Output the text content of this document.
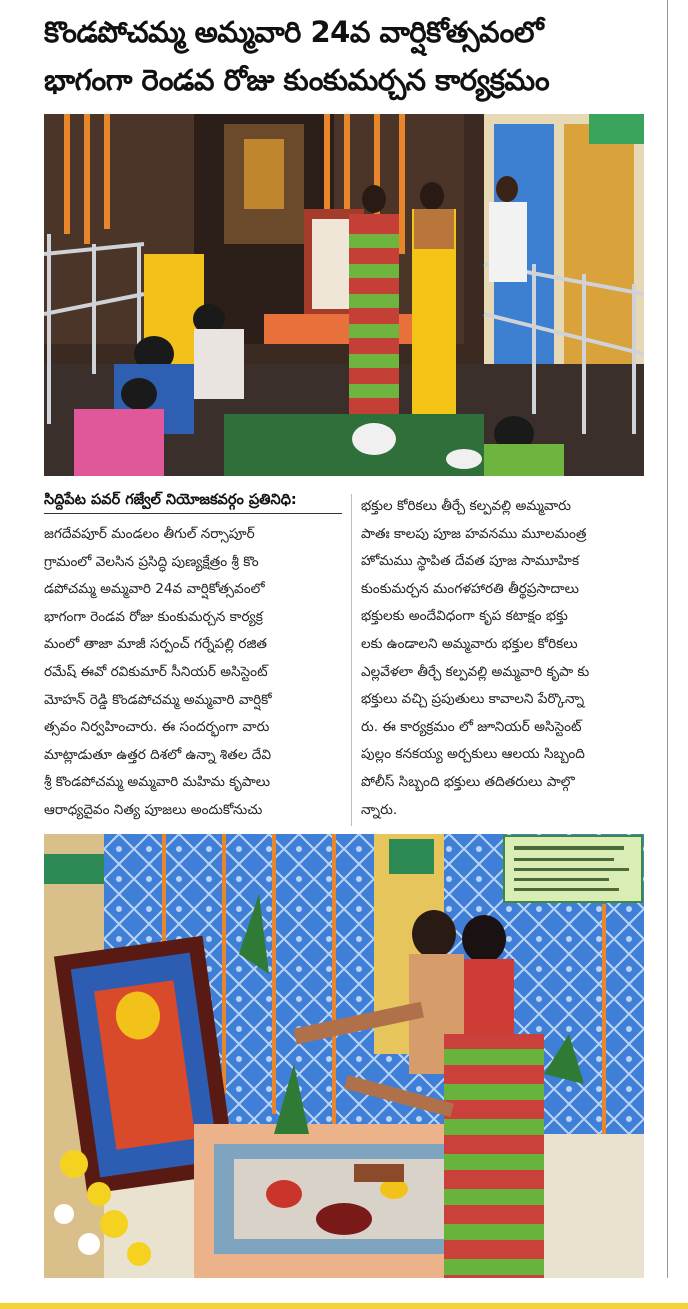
కొండపోచమ్మ అమ్మవారి 24వ వార్షికోత్సవంలో
భాగంగా రెండవ రోజు కుంకుమర్చన కార్యక్రమం
సిద్దిపేట పవర్ గజ్వేల్ నియోజకవర్గం ప్రతినిధి:
జగదేవపూర్ మండలం తీగుల్ నర్సాపూర్
గ్రామంలో వెలసిన ప్రసిద్ధి పుణ్యక్షేత్రం శ్రీ కొం
డపోచమ్మ అమ్మవారి 24వ వార్షికోత్సవంలో
భాగంగా రెండవ రోజు కుంకుమర్చన కార్యక్ర
మంలో తాజా మాజీ సర్పంచ్ గర్నేపల్లి రజిత
రమేష్ ఈవో రవికుమార్ సీనియర్ అసిస్టెంట్
మోహన్ రెడ్డి కొండపోచమ్మ అమ్మవారి వార్షికో
త్సవం నిర్వహించారు. ఈ సందర్భంగా వారు
మాట్లాడుతూ ఉత్తర దిశలో ఉన్నా శితల దేవి
శ్రీ కొండపోచమ్మ అమ్మవారి మహిమ కృపాలు
ఆరాధ్యదైవం నిత్య పూజలు అందుకోనుచు
భక్తుల కోరికలు తీర్చే కల్పవల్లి అమ్మవారు
పాతః కాలపు పూజ హవనము మూలమంత్ర
హోమము స్థాపిత దేవత పూజ సామూహిక
కుంకుమర్చన మంగళహారతి తీర్థప్రసాదాలు
భక్తులకు అందేవిధంగా కృప కటాక్షం భక్తు
లకు ఉండాలని అమ్మవారు భక్తుల కోరికలు
ఎల్లవేళలా తీర్చే కల్పవల్లి అమ్మవారి కృపా కు
భక్తులు వచ్చి ప్రపుతులు కావాలని పేర్కొన్నా
రు. ఈ కార్యక్రమం లో జూనియర్ అసిస్టెంట్
పుల్లం కనకయ్య అర్చకులు ఆలయ సిబ్బంది
పోలీస్ సిబ్బంది భక్తులు తదితరులు పాల్గొ
న్నారు.
